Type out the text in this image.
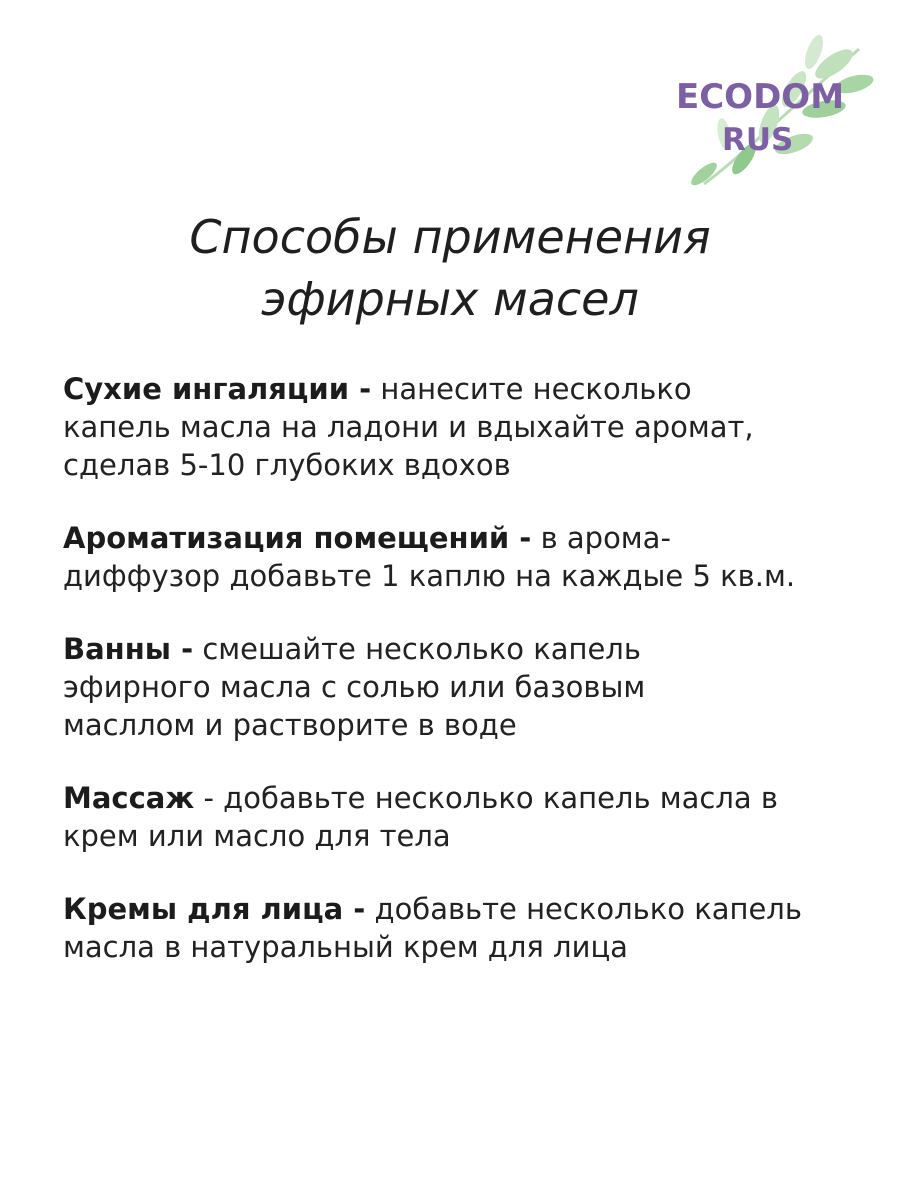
ECODOM
RUS
Способы применения
эфирных масел
Сухие ингаляции - нанесите несколько
капель масла на ладони и вдыхайте аромат,
сделав 5-10 глубоких вдохов
Ароматизация помещений - в арома-
диффузор добавьте 1 каплю на каждые 5 кв.м.
Ванны - смешайте несколько капель
эфирного масла с солью или базовым
масллом и растворите в воде
Массаж - добавьте несколько капель масла в
крем или масло для тела
Кремы для лица - добавьте несколько капель
масла в натуральный крем для лица
